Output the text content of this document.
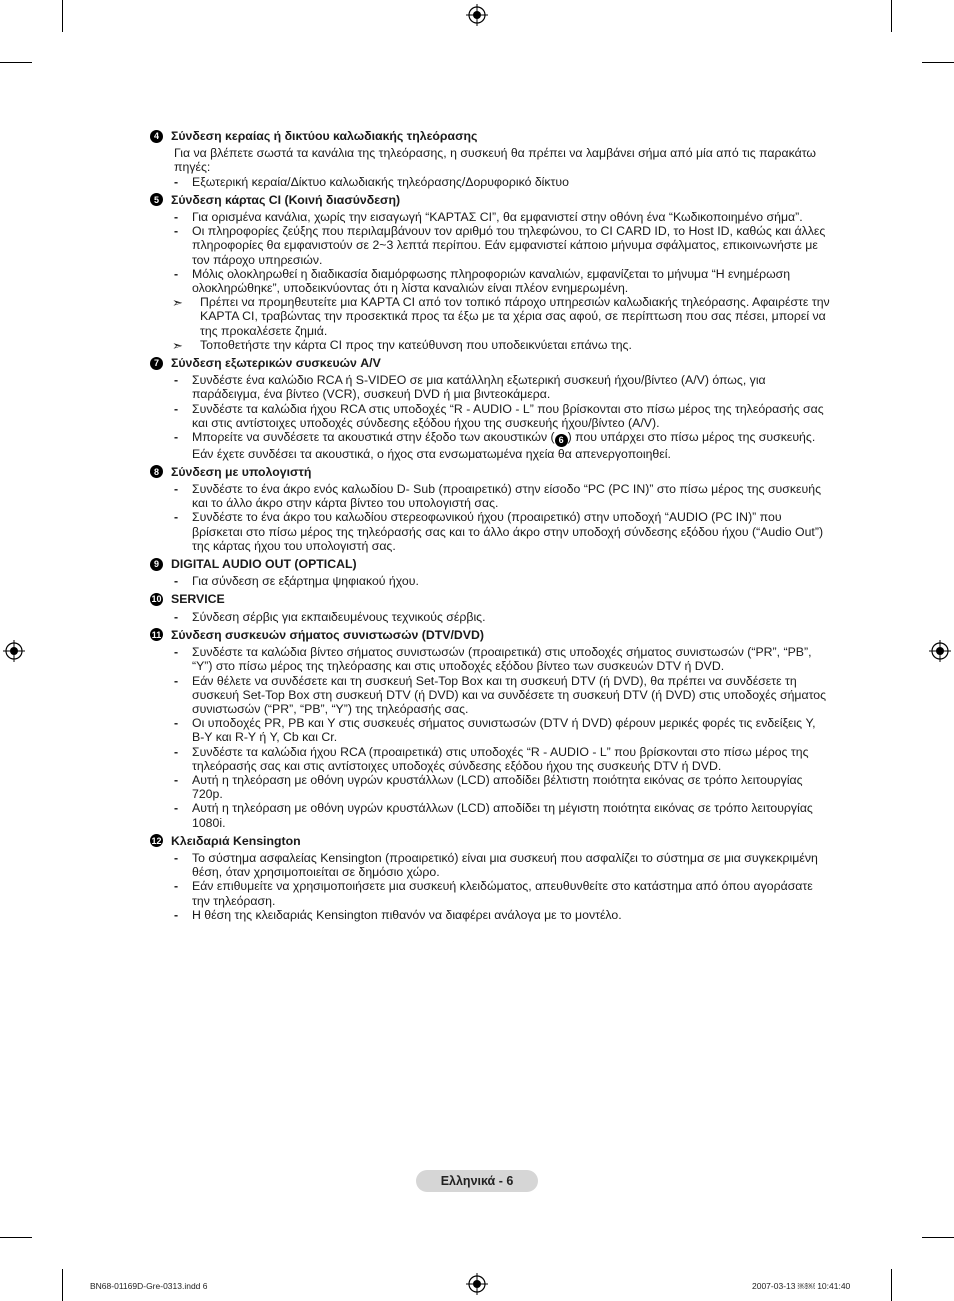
4 Σύνδεση κεραίας ή δικτύου καλωδιακής τηλεόρασης
Για να βλέπετε σωστά τα κανάλια της τηλεόρασης, η συσκευή θα πρέπει να λαμβάνει σήμα από μία από τις παρακάτω πηγές:
-	Εξωτερική κεραία/Δίκτυο καλωδιακής τηλεόρασης/Δορυφορικό δίκτυο
5 Σύνδεση κάρτας CI (Κοινή διασύνδεση)
-	Για ορισμένα κανάλια, χωρίς την εισαγωγή “ΚΑΡΤΑΣ CI”, θα εμφανιστεί στην οθόνη ένα “Κωδικοποιημένο σήμα”.
-	Οι πληροφορίες ζεύξης που περιλαμβάνουν τον αριθμό του τηλεφώνου, το CI CARD ID, το Host ID, καθώς και άλλες πληροφορίες θα εμφανιστούν σε 2~3 λεπτά περίπου. Εάν εμφανιστεί κάποιο μήνυμα σφάλματος, επικοινωνήστε με τον πάροχο υπηρεσιών.
-	Μόλις ολοκληρωθεί η διαδικασία διαμόρφωσης πληροφοριών καναλιών, εμφανίζεται το μήνυμα “Η ενημέρωση ολοκληρώθηκε”, υποδεικνύοντας ότι η λίστα καναλιών είναι πλέον ενημερωμένη.
➣	Πρέπει να προμηθευτείτε μια ΚΑΡΤΑ CI από τον τοπικό πάροχο υπηρεσιών καλωδιακής τηλεόρασης. Αφαιρέστε την ΚΑΡΤΑ CI, τραβώντας την προσεκτικά προς τα έξω με τα χέρια σας αφού, σε περίπτωση που σας πέσει, μπορεί να της προκαλέσετε ζημιά.
➣	Τοποθετήστε την κάρτα CI προς την κατεύθυνση που υποδεικνύεται επάνω της.
7 Σύνδεση εξωτερικών συσκευών A/V
-	Συνδέστε ένα καλώδιο RCA ή S-VIDEO σε μια κατάλληλη εξωτερική συσκευή ήχου/βίντεο (A/V) όπως, για παράδειγμα, ένα βίντεο (VCR), συσκευή DVD ή μια βιντεοκάμερα.
-	Συνδέστε τα καλώδια ήχου RCA στις υποδοχές “R - AUDIO - L” που βρίσκονται στο πίσω μέρος της τηλεόρασής σας και στις αντίστοιχες υποδοχές σύνδεσης εξόδου ήχου της συσκευής ήχου/βίντεο (A/V).
-	Μπορείτε να συνδέσετε τα ακουστικά στην έξοδο των ακουστικών ( 6 ) που υπάρχει στο πίσω μέρος της συσκευής. Εάν έχετε συνδέσει τα ακουστικά, ο ήχος στα ενσωματωμένα ηχεία θα απενεργοποιηθεί.
8 Σύνδεση με υπολογιστή
-	Συνδέστε το ένα άκρο ενός καλωδίου D- Sub (προαιρετικό) στην είσοδο “PC (PC IN)” στο πίσω μέρος της συσκευής και το άλλο άκρο στην κάρτα βίντεο του υπολογιστή σας.
-	Συνδέστε το ένα άκρο του καλωδίου στερεοφωνικού ήχου (προαιρετικό) στην υποδοχή “AUDIO (PC IN)” που βρίσκεται στο πίσω μέρος της τηλεόρασής σας και το άλλο άκρο στην υποδοχή σύνδεσης εξόδου ήχου (“Audio Out”) της κάρτας ήχου του υπολογιστή σας.
9 DIGITAL AUDIO OUT (OPTICAL)
-	Για σύνδεση σε εξάρτημα ψηφιακού ήχου.
10 SERVICE
-	Σύνδεση σέρβις για εκπαιδευμένους τεχνικούς σέρβις.
11 Σύνδεση συσκευών σήματος συνιστωσών (DTV/DVD)
-	Συνδέστε τα καλώδια βίντεο σήματος συνιστωσών (προαιρετικά) στις υποδοχές σήματος συνιστωσών (“PR”, “PB”, “Y”) στο πίσω μέρος της τηλεόρασης και στις υποδοχές εξόδου βίντεο των συσκευών DTV ή DVD.
-	Εάν θέλετε να συνδέσετε και τη συσκευή Set-Top Box και τη συσκευή DTV (ή DVD), θα πρέπει να συνδέσετε τη συσκευή Set-Top Box στη συσκευή DTV (ή DVD) και να συνδέσετε τη συσκευή DTV (ή DVD) στις υποδοχές σήματος συνιστωσών (“PR”, “PB”, “Y”) της τηλεόρασής σας.
-	Οι υποδοχές PR, PB και Y στις συσκευές σήματος συνιστωσών (DTV ή DVD) φέρουν μερικές φορές τις ενδείξεις Y, B-Y και R-Y ή Y, Cb και Cr.
-	Συνδέστε τα καλώδια ήχου RCA (προαιρετικά) στις υποδοχές “R - AUDIO - L” που βρίσκονται στο πίσω μέρος της τηλεόρασής σας και στις αντίστοιχες υποδοχές σύνδεσης εξόδου ήχου της συσκευής DTV ή DVD.
-	Αυτή η τηλεόραση με οθόνη υγρών κρυστάλλων (LCD) αποδίδει βέλτιστη ποιότητα εικόνας σε τρόπο λειτουργίας 720p.
-	Αυτή η τηλεόραση με οθόνη υγρών κρυστάλλων (LCD) αποδίδει τη μέγιστη ποιότητα εικόνας σε τρόπο λειτουργίας 1080i.
12 Κλειδαριά Kensington
-	Το σύστημα ασφαλείας Kensington (προαιρετικό) είναι μια συσκευή που ασφαλίζει το σύστημα σε μια συγκεκριμένη θέση, όταν χρησιμοποιείται σε δημόσιο χώρο.
-	Εάν επιθυμείτε να χρησιμοποιήσετε μια συσκευή κλειδώματος, απευθυνθείτε στο κατάστημα από όπου αγοράσατε την τηλεόραση.
-	Η θέση της κλειδαριάς Kensington πιθανόν να διαφέρει ανάλογα με το μοντέλο.
Ελληνικά - 6
BN68-01169D-Gre-0313.indd 6	2007-03-13 ￼￼ 10:41:40
